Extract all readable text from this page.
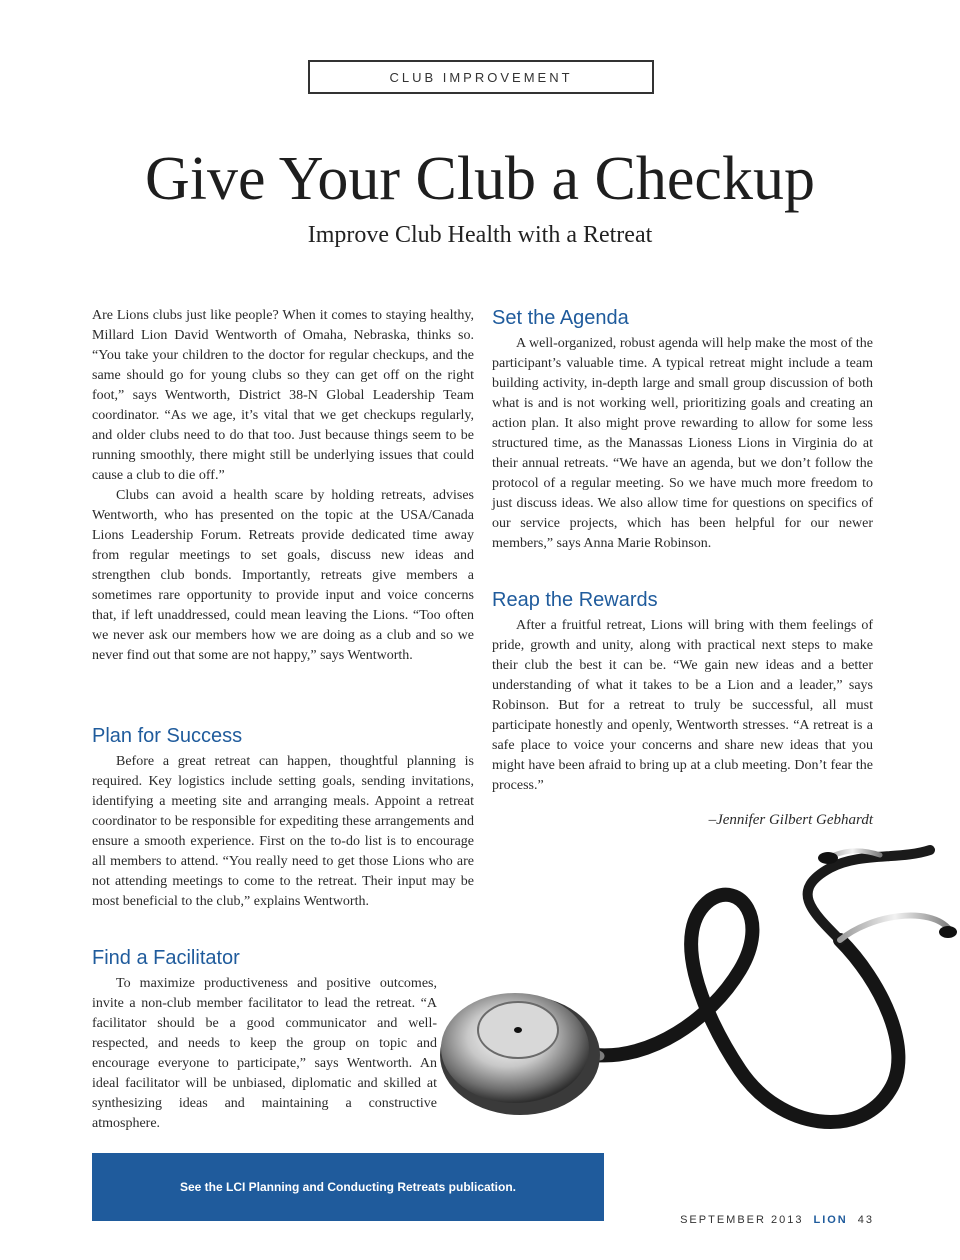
CLUB IMPROVEMENT
Give Your Club a Checkup
Improve Club Health with a Retreat

Are Lions clubs just like people? When it comes to staying healthy, Millard Lion David Wentworth of Omaha, Nebraska, thinks so. “You take your children to the doctor for regular checkups, and the same should go for young clubs so they can get off on the right foot,” says Wentworth, District 38-N Global Leadership Team coordinator. “As we age, it’s vital that we get checkups regularly, and older clubs need to do that too. Just because things seem to be running smoothly, there might still be underlying issues that could cause a club to die off.”

Clubs can avoid a health scare by holding retreats, advises Wentworth, who has presented on the topic at the USA/Canada Lions Leadership Forum. Retreats provide dedicated time away from regular meetings to set goals, discuss new ideas and strengthen club bonds. Importantly, retreats give members a sometimes rare opportunity to provide input and voice concerns that, if left unaddressed, could mean leaving the Lions. “Too often we never ask our members how we are doing as a club and so we never find out that some are not happy,” says Wentworth.

Plan for Success

Before a great retreat can happen, thoughtful planning is required. Key logistics include setting goals, sending invitations, identifying a meeting site and arranging meals. Appoint a retreat coordinator to be responsible for expediting these arrangements and ensure a smooth experience. First on the to-do list is to encourage all members to attend. “You really need to get those Lions who are not attending meetings to come to the retreat. Their input may be most beneficial to the club,” explains Wentworth.

Find a Facilitator

To maximize productiveness and positive outcomes, invite a non-club member facilitator to lead the retreat. “A facilitator should be a good communicator and well-respected, and needs to keep the group on topic and encourage everyone to participate,” says Wentworth. An ideal facilitator will be unbiased, diplomatic and skilled at synthesizing ideas and maintaining a constructive atmosphere.

Set the Agenda

A well-organized, robust agenda will help make the most of the participant’s valuable time. A typical retreat might include a team building activity, in-depth large and small group discussion of both what is and is not working well, prioritizing goals and creating an action plan. It also might prove rewarding to allow for some less structured time, as the Manassas Lioness Lions in Virginia do at their annual retreats. “We have an agenda, but we don’t follow the protocol of a regular meeting. So we have much more freedom to just discuss ideas. We also allow time for questions on specifics of our service projects, which has been helpful for our newer members,” says Anna Marie Robinson.

Reap the Rewards

After a fruitful retreat, Lions will bring with them feelings of pride, growth and unity, along with practical next steps to make their club the best it can be. “We gain new ideas and a better understanding of what it takes to be a Lion and a leader,” says Robinson. But for a retreat to truly be successful, all must participate honestly and openly, Wentworth stresses. “A retreat is a safe place to voice your concerns and share new ideas that you might have been afraid to bring up at a club meeting. Don’t fear the process.”

–Jennifer Gilbert Gebhardt
See the LCI Planning and Conducting Retreats publication.
SEPTEMBER 2013 LION 43
